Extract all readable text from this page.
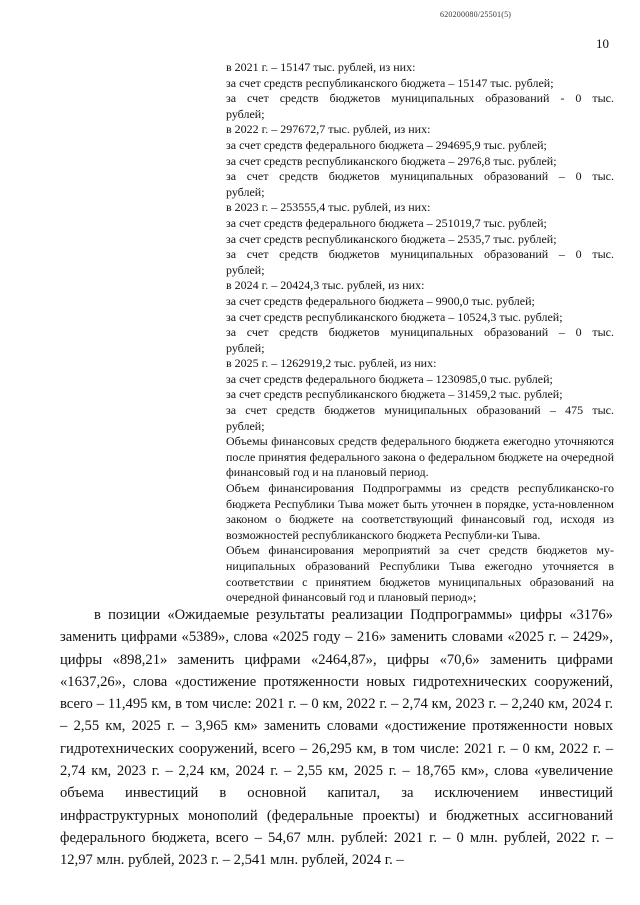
620200080/25501(5)
10
в 2021 г. – 15147 тыс. рублей, из них:
за счет средств республиканского бюджета – 15147 тыс. рублей;
за счет средств бюджетов муниципальных образований - 0 тыс.
рублей;
в 2022 г. – 297672,7 тыс. рублей, из них:
за счет средств федерального бюджета – 294695,9 тыс. рублей;
за счет средств республиканского бюджета – 2976,8 тыс. рублей;
за счет средств бюджетов муниципальных образований – 0 тыс.
рублей;
в 2023 г. – 253555,4 тыс. рублей, из них:
за счет средств федерального бюджета – 251019,7 тыс. рублей;
за счет средств республиканского бюджета – 2535,7 тыс. рублей;
за счет средств бюджетов муниципальных образований – 0 тыс.
рублей;
в 2024 г. – 20424,3 тыс. рублей, из них:
за счет средств федерального бюджета – 9900,0 тыс. рублей;
за счет средств республиканского бюджета – 10524,3 тыс. рублей;
за счет средств бюджетов муниципальных образований – 0 тыс.
рублей;
в 2025 г. – 1262919,2 тыс. рублей, из них:
за счет средств федерального бюджета – 1230985,0 тыс. рублей;
за счет средств республиканского бюджета – 31459,2 тыс. рублей;
за счет средств бюджетов муниципальных образований – 475 тыс.
рублей;
Объемы финансовых средств федерального бюджета ежегодно уточняются после принятия федерального закона о федеральном бюджете на очередной финансовый год и на плановый период.
Объем финансирования Подпрограммы из средств республиканско-го бюджета Республики Тыва может быть уточнен в порядке, уста-новленном законом о бюджете на соответствующий финансовый год, исходя из возможностей республиканского бюджета Республи-ки Тыва.
Объем финансирования мероприятий за счет средств бюджетов му-ниципальных образований Республики Тыва ежегодно уточняется в соответствии с принятием бюджетов муниципальных образований на очередной финансовый год и плановый период»;
в позиции «Ожидаемые результаты реализации Подпрограммы» цифры «3176» заменить цифрами «5389», слова «2025 году – 216» заменить словами «2025 г. – 2429», цифры «898,21» заменить цифрами «2464,87», цифры «70,6» заменить цифрами «1637,26», слова «достижение протяженности новых гидротехнических сооружений, всего – 11,495 км, в том числе: 2021 г. – 0 км, 2022 г. – 2,74 км, 2023 г. – 2,240 км, 2024 г. – 2,55 км, 2025 г. – 3,965 км» заменить словами «достижение протяженности новых гидротехнических сооружений, всего – 26,295 км, в том числе: 2021 г. – 0 км, 2022 г. – 2,74 км, 2023 г. – 2,24 км, 2024 г. – 2,55 км, 2025 г. – 18,765 км», слова «увеличение объема инвестиций в основной капитал, за исключением инвестиций инфраструктурных монополий (федеральные проекты) и бюджетных ассигнований федерального бюджета, всего – 54,67 млн. рублей: 2021 г. – 0 млн. рублей, 2022 г. – 12,97 млн. рублей, 2023 г. – 2,541 млн. рублей, 2024 г. –
